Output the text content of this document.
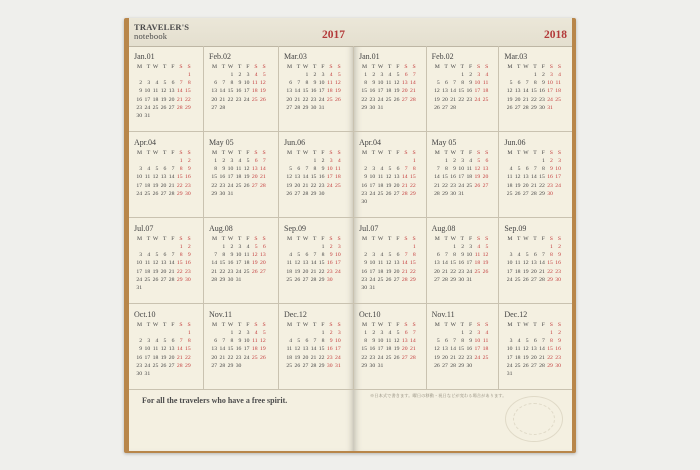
TRAVELER'S
notebook	2017
Jan.01
M T W T F S S
1
2 3 4 5 6 7 8
9 10 11 12 13 14 15
16 17 18 19 20 21 22
23 24 25 26 27 28 29
30 31
Feb.02
M T W T F S S
1 2 3 4 5
6 7 8 9 10 11 12
13 14 15 16 17 18 19
20 21 22 23 24 25 26
27 28
Mar.03
M T W T F S S
1 2 3 4 5
6 7 8 9 10 11 12
13 14 15 16 17 18 19
20 21 22 23 24 25 26
27 28 29 30 31
Apr.04
M T W T F S S
1 2
3 4 5 6 7 8 9
10 11 12 13 14 15 16
17 18 19 20 21 22 23
24 25 26 27 28 29 30
May 05
M T W T F S S
1 2 3 4 5 6 7
8 9 10 11 12 13 14
15 16 17 18 19 20 21
22 23 24 25 26 27 28
29 30 31
Jun.06
M T W T F S S
1 2 3 4
5 6 7 8 9 10 11
12 13 14 15 16 17 18
19 20 21 22 23 24 25
26 27 28 29 30
Jul.07
M T W T F S S
1 2
3 4 5 6 7 8 9
10 11 12 13 14 15 16
17 18 19 20 21 22 23
24 25 26 27 28 29 30
31
Aug.08
M T W T F S S
1 2 3 4 5 6
7 8 9 10 11 12 13
14 15 16 17 18 19 20
21 22 23 24 25 26 27
28 29 30 31
Sep.09
M T W T F S S
1 2 3
4 5 6 7 8 9 10
11 12 13 14 15 16 17
18 19 20 21 22 23 24
25 26 27 28 29 30
Oct.10
M T W T F S S
1
2 3 4 5 6 7 8
9 10 11 12 13 14 15
16 17 18 19 20 21 22
23 24 25 26 27 28 29
30 31
Nov.11
M T W T F S S
1 2 3 4 5
6 7 8 9 10 11 12
13 14 15 16 17 18 19
20 21 22 23 24 25 26
27 28 29 30
Dec.12
M T W T F S S
1 2 3
4 5 6 7 8 9 10
11 12 13 14 15 16 17
18 19 20 21 22 23 24
25 26 27 28 29 30 31
For all the travelers who have a free spirit.
2018
Jan.01
M T W T F S S
1 2 3 4 5 6 7
8 9 10 11 12 13 14
15 16 17 18 19 20 21
22 23 24 25 26 27 28
29 30 31
Feb.02
M T W T F S S
1 2 3 4
5 6 7 8 9 10 11
12 13 14 15 16 17 18
19 20 21 22 23 24 25
26 27 28
Mar.03
M T W T F S S
1 2 3 4
5 6 7 8 9 10 11
12 13 14 15 16 17 18
19 20 21 22 23 24 25
26 27 28 29 30 31
Apr.04
M T W T F S S
1
2 3 4 5 6 7 8
9 10 11 12 13 14 15
16 17 18 19 20 21 22
23 24 25 26 27 28 29
30
May 05
M T W T F S S
1 2 3 4 5 6
7 8 9 10 11 12 13
14 15 16 17 18 19 20
21 22 23 24 25 26 27
28 29 30 31
Jun.06
M T W T F S S
1 2 3
4 5 6 7 8 9 10
11 12 13 14 15 16 17
18 19 20 21 22 23 24
25 26 27 28 29 30
Jul.07
M T W T F S S
1
2 3 4 5 6 7 8
9 10 11 12 13 14 15
16 17 18 19 20 21 22
23 24 25 26 27 28 29
30 31
Aug.08
M T W T F S S
1 2 3 4 5
6 7 8 9 10 11 12
13 14 15 16 17 18 19
20 21 22 23 24 25 26
27 28 29 30 31
Sep.09
M T W T F S S
1 2
3 4 5 6 7 8 9
10 11 12 13 14 15 16
17 18 19 20 21 22 23
24 25 26 27 28 29 30
Oct.10
M T W T F S S
1 2 3 4 5 6 7
8 9 10 11 12 13 14
15 16 17 18 19 20 21
22 23 24 25 26 27 28
29 30 31
Nov.11
M T W T F S S
1 2 3 4
5 6 7 8 9 10 11
12 13 14 15 16 17 18
19 20 21 22 23 24 25
26 27 28 29 30
Dec.12
M T W T F S S
1 2
3 4 5 6 7 8 9
10 11 12 13 14 15 16
17 18 19 20 21 22 23
24 25 26 27 28 29 30
31
※日本式で書きます。曜日の移動・祝日などが変わる場合があります。
